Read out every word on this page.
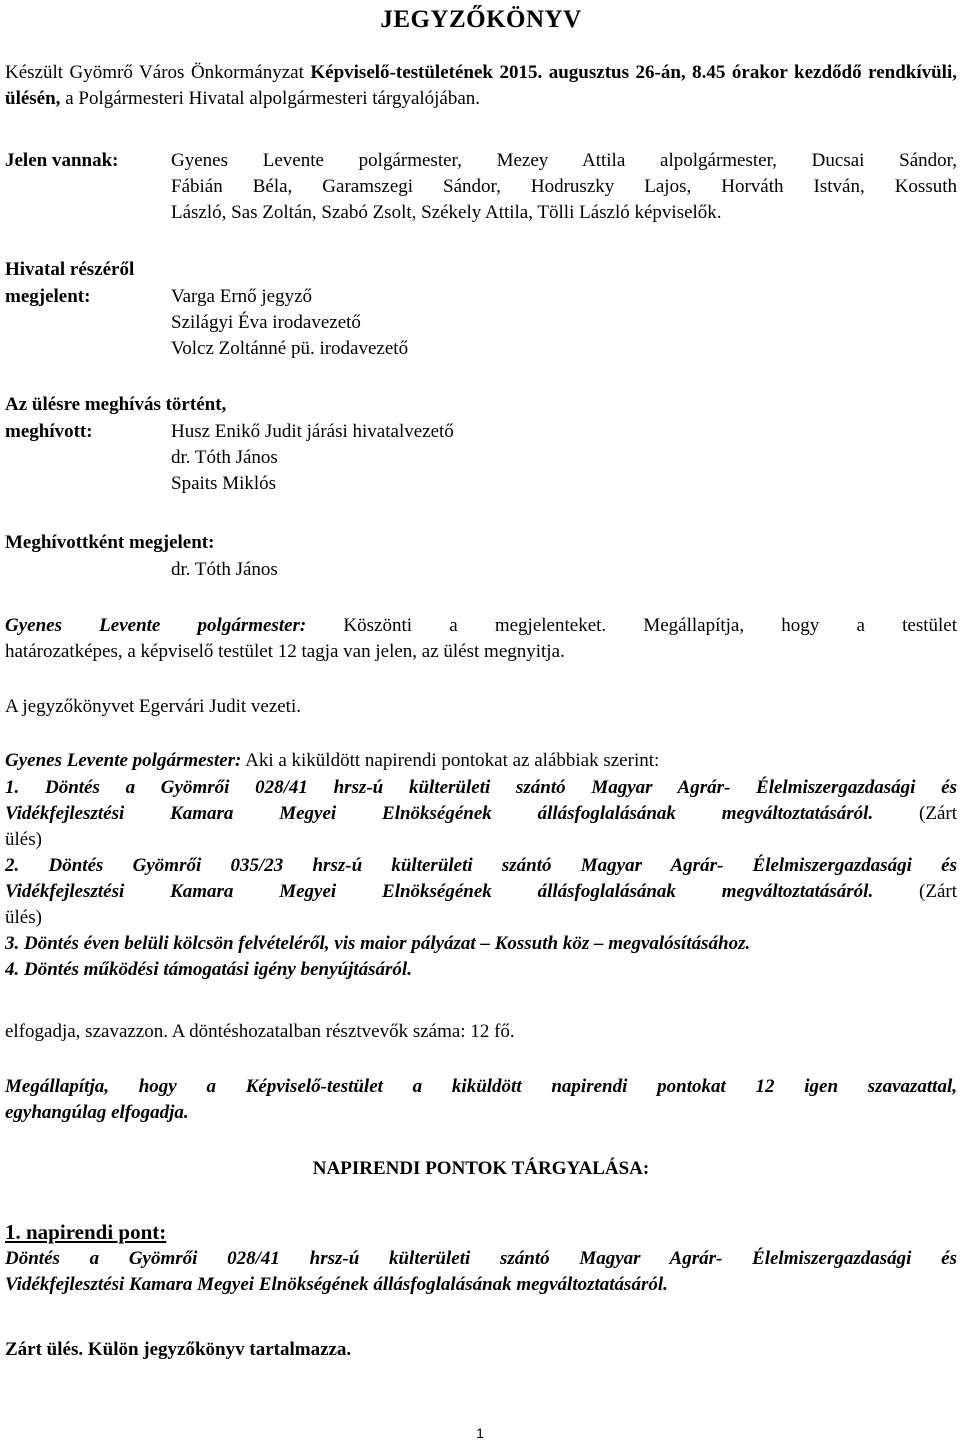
JEGYZŐKÖNYV
Készült Gyömrő Város Önkormányzat Képviselő-testületének 2015. augusztus 26-án, 8.45 órakor kezdődő rendkívüli, ülésén, a Polgármesteri Hivatal alpolgármesteri tárgyalójában.
Jelen vannak:	Gyenes Levente polgármester, Mezey Attila alpolgármester, Ducsai Sándor,
Fábián Béla, Garamszegi Sándor, Hodruszky Lajos, Horváth István, Kossuth
László, Sas Zoltán, Szabó Zsolt, Székely Attila, Tölli László képviselők.
Hivatal részéről
megjelent:	Varga Ernő jegyző
Szilágyi Éva irodavezető
Volcz Zoltánné pü. irodavezető
Az ülésre meghívás történt,
meghívott:	Husz Enikő Judit járási hivatalvezető
dr. Tóth János
Spaits Miklós
Meghívottként megjelent:
dr. Tóth János
Gyenes Levente polgármester: Köszönti a megjelenteket. Megállapítja, hogy a testület
határozatképes, a képviselő testület 12 tagja van jelen, az ülést megnyitja.
A jegyzőkönyvet Egervári Judit vezeti.
Gyenes Levente polgármester: Aki a kiküldött napirendi pontokat az alábbiak szerint:
1. Döntés a Gyömrői 028/41 hrsz-ú külterületi szántó Magyar Agrár- Élelmiszergazdasági és
Vidékfejlesztési Kamara Megyei Elnökségének állásfoglalásának megváltoztatásáról. (Zárt
ülés)
2. Döntés Gyömrői 035/23 hrsz-ú külterületi szántó Magyar Agrár- Élelmiszergazdasági és
Vidékfejlesztési Kamara Megyei Elnökségének állásfoglalásának megváltoztatásáról. (Zárt
ülés)
3. Döntés éven belüli kölcsön felvételéről, vis maior pályázat – Kossuth köz – megvalósításához.
4. Döntés működési támogatási igény benyújtásáról.
elfogadja, szavazzon. A döntéshozatalban résztvevők száma: 12 fő.
Megállapítja, hogy a Képviselő-testület a kiküldött napirendi pontokat 12 igen szavazattal,
egyhangúlag elfogadja.
NAPIRENDI PONTOK TÁRGYALÁSA:
1. napirendi pont:
Döntés a Gyömrői 028/41 hrsz-ú külterületi szántó Magyar Agrár- Élelmiszergazdasági és
Vidékfejlesztési Kamara Megyei Elnökségének állásfoglalásának megváltoztatásáról.
Zárt ülés. Külön jegyzőkönyv tartalmazza.
1
